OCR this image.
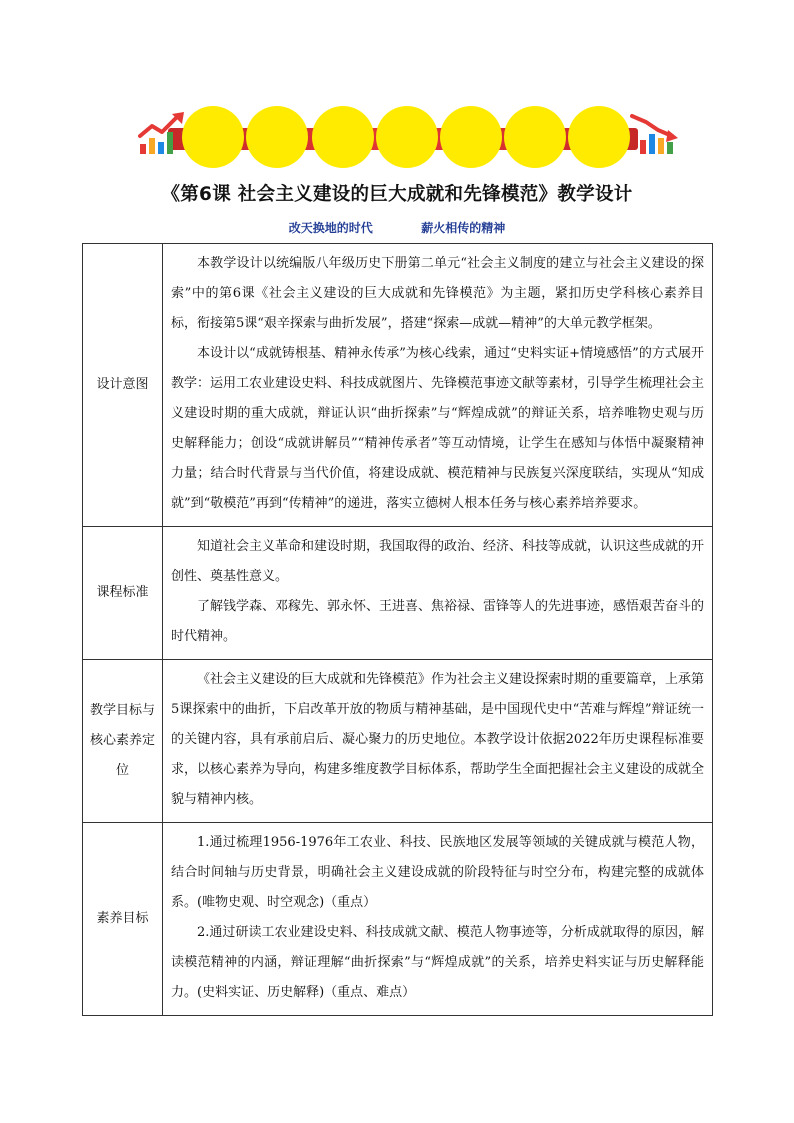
《第6课 社会主义建设的巨大成就和先锋模范》教学设计
改天换地的时代	薪火相传的精神
设计意图	本教学设计以统编版八年级历史下册第二单元“社会主义制度的建立与社会主义建设的探索”中的第6课《社会主义建设的巨大成就和先锋模范》为主题，紧扣历史学科核心素养目标，衔接第5课“艰辛探索与曲折发展”，搭建“探索—成就—精神”的大单元教学框架。

本设计以“成就铸根基、精神永传承”为核心线索，通过“史料实证+情境感悟”的方式展开教学：运用工农业建设史料、科技成就图片、先锋模范事迹文献等素材，引导学生梳理社会主义建设时期的重大成就，辩证认识“曲折探索”与“辉煌成就”的辩证关系，培养唯物史观与历史解释能力；创设“成就讲解员”“精神传承者”等互动情境，让学生在感知与体悟中凝聚精神力量；结合时代背景与当代价值，将建设成就、模范精神与民族复兴深度联结，实现从“知成就”到“敬模范”再到“传精神”的递进，落实立德树人根本任务与核心素养培养要求。

课程标准	知道社会主义革命和建设时期，我国取得的政治、经济、科技等成就，认识这些成就的开创性、奠基性意义。

了解钱学森、邓稼先、郭永怀、王进喜、焦裕禄、雷锋等人的先进事迹，感悟艰苦奋斗的时代精神。

教学目标与核心素养定位	《社会主义建设的巨大成就和先锋模范》作为社会主义建设探索时期的重要篇章，上承第5课探索中的曲折，下启改革开放的物质与精神基础，是中国现代史中“苦难与辉煌”辩证统一的关键内容，具有承前启后、凝心聚力的历史地位。本教学设计依据2022年历史课程标准要求，以核心素养为导向，构建多维度教学目标体系，帮助学生全面把握社会主义建设的成就全貌与精神内核。

素养目标	1.通过梳理1956-1976年工农业、科技、民族地区发展等领域的关键成就与模范人物，结合时间轴与历史背景，明确社会主义建设成就的阶段特征与时空分布，构建完整的成就体系。(唯物史观、时空观念)（重点）

2.通过研读工农业建设史料、科技成就文献、模范人物事迹等，分析成就取得的原因，解读模范精神的内涵，辩证理解“曲折探索”与“辉煌成就”的关系，培养史料实证与历史解释能力。(史料实证、历史解释)（重点、难点）
